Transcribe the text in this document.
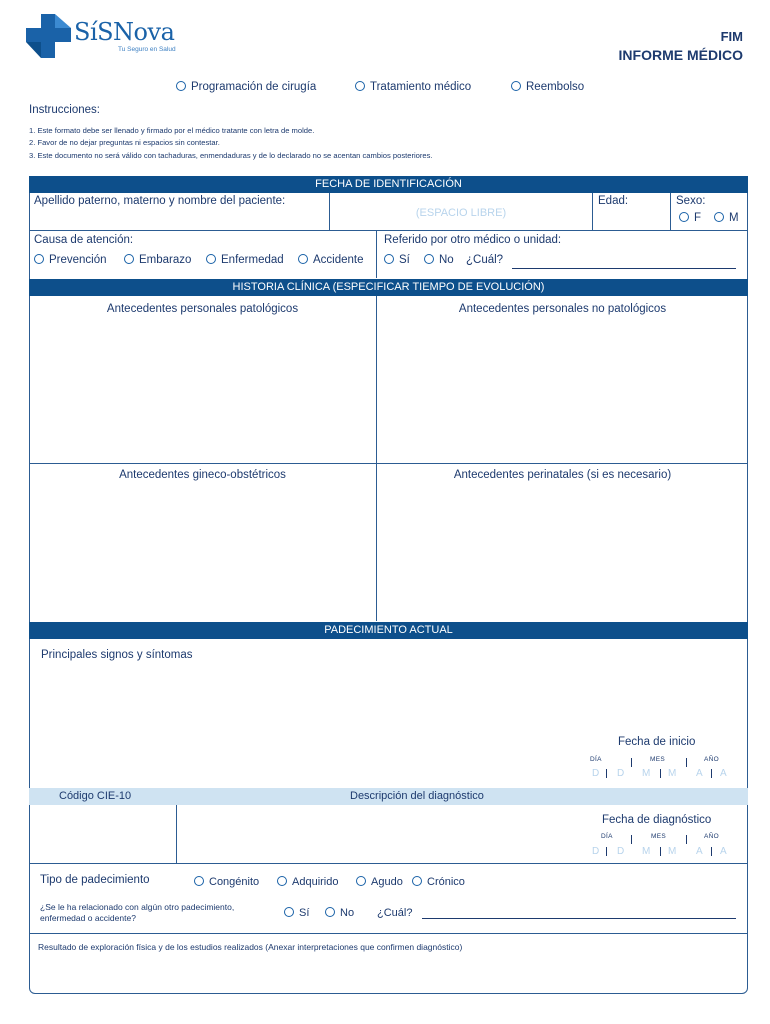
SíSNova
Tu Seguro en Salud
FIM
INFORME MÉDICO
Programación de cirugía	Tratamiento médico	Reembolso
Instrucciones:
1. Este formato debe ser llenado y firmado por el médico tratante con letra de molde.
2. Favor de no dejar preguntas ni espacios sin contestar.
3. Este documento no será válido con tachaduras, enmendaduras y de lo declarado no se acentan cambios posteriores.
FECHA DE IDENTIFICACIÓN
Apellido paterno, materno y nombre del paciente:
(ESPACIO LIBRE)
Edad:	Sexo:
F	M
Causa de atención:
Prevención	Embarazo	Enfermedad	Accidente
Referido por otro médico o unidad:
Sí	No ¿Cuál?
HISTORIA CLÍNICA (ESPECIFICAR TIEMPO DE EVOLUCIÓN)
Antecedentes personales patológicos	Antecedentes personales no patológicos
Antecedentes gineco-obstétricos	Antecedentes perinatales (si es necesario)
PADECIMIENTO ACTUAL
Principales signos y síntomas
Fecha de inicio
DÍA	MES	AÑO
D D M M A A
Código CIE-10	Descripción del diagnóstico
Fecha de diagnóstico
DÍA	MES	AÑO
D D M M A A
Tipo de padecimiento	Congénito	Adquirido	Agudo	Crónico
¿Se le ha relacionado con algún otro padecimiento,
enfermedad o accidente?	Sí	No ¿Cuál?
Resultado de exploración física y de los estudios realizados (Anexar interpretaciones que confirmen diagnóstico)
